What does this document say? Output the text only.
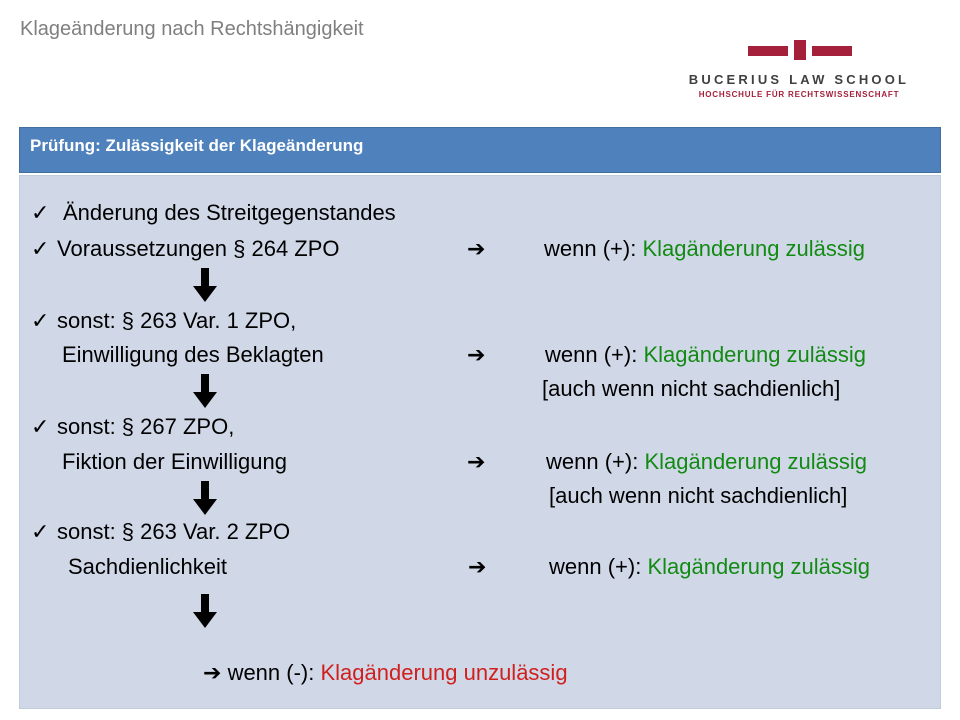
Klageänderung nach Rechtshängigkeit
BUCERIUS LAW SCHOOL
HOCHSCHULE FÜR RECHTSWISSENSCHAFT
Prüfung: Zulässigkeit der Klageänderung
✓ Änderung des Streitgegenstandes
✓ Voraussetzungen § 264 ZPO	➔	wenn (+): Klagänderung zulässig
✓ sonst: § 263 Var. 1 ZPO,
Einwilligung des Beklagten	➔	wenn (+): Klagänderung zulässig
[auch wenn nicht sachdienlich]
✓ sonst: § 267 ZPO,
Fiktion der Einwilligung	➔	wenn (+): Klagänderung zulässig
[auch wenn nicht sachdienlich]
✓ sonst: § 263 Var. 2 ZPO
Sachdienlichkeit	➔	wenn (+): Klagänderung zulässig
➔ wenn (-): Klagänderung unzulässig
